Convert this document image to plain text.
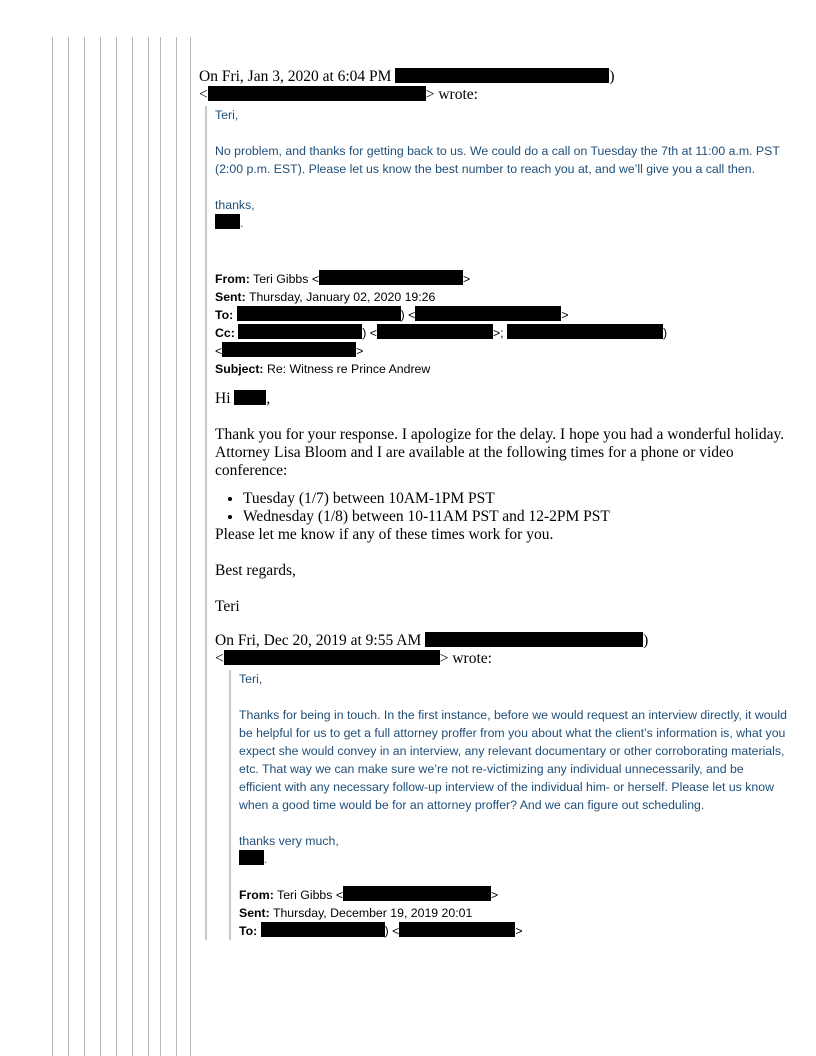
On Fri, Jan 3, 2020 at 6:04 PM	)
<	> wrote:

Teri,

No problem, and thanks for getting back to us. We could do a call on Tuesday the 7th at 11:00 a.m. PST (2:00 p.m. EST). Please let us know the best number to reach you at, and we’ll give you a call then.

thanks,

.

From: Teri Gibbs <	>

Sent: Thursday, January 02, 2020 19:26

To:	) <	>

Cc:	) <	>;	)

<	>

Subject: Re: Witness re Prince Andrew

Hi ,

Thank you for your response. I apologize for the delay. I hope you had a wonderful holiday. Attorney Lisa Bloom and I are available at the following times for a phone or video conference:

• Tuesday (1/7) between 10AM-1PM PST
• Wednesday (1/8) between 10-11AM PST and 12-2PM PST

Please let me know if any of these times work for you.

Best regards,

Teri

On Fri, Dec 20, 2019 at 9:55 AM	)
<	> wrote:

Teri,

Thanks for being in touch. In the first instance, before we would request an interview directly, it would be helpful for us to get a full attorney proffer from you about what the client’s information is, what you expect she would convey in an interview, any relevant documentary or other corroborating materials, etc. That way we can make sure we’re not re-victimizing any individual unnecessarily, and be efficient with any necessary follow-up interview of the individual him- or herself. Please let us know when a good time would be for an attorney proffer? And we can figure out scheduling.

thanks very much,

.

From: Teri Gibbs <	>

Sent: Thursday, December 19, 2019 20:01

To:	) <	>
